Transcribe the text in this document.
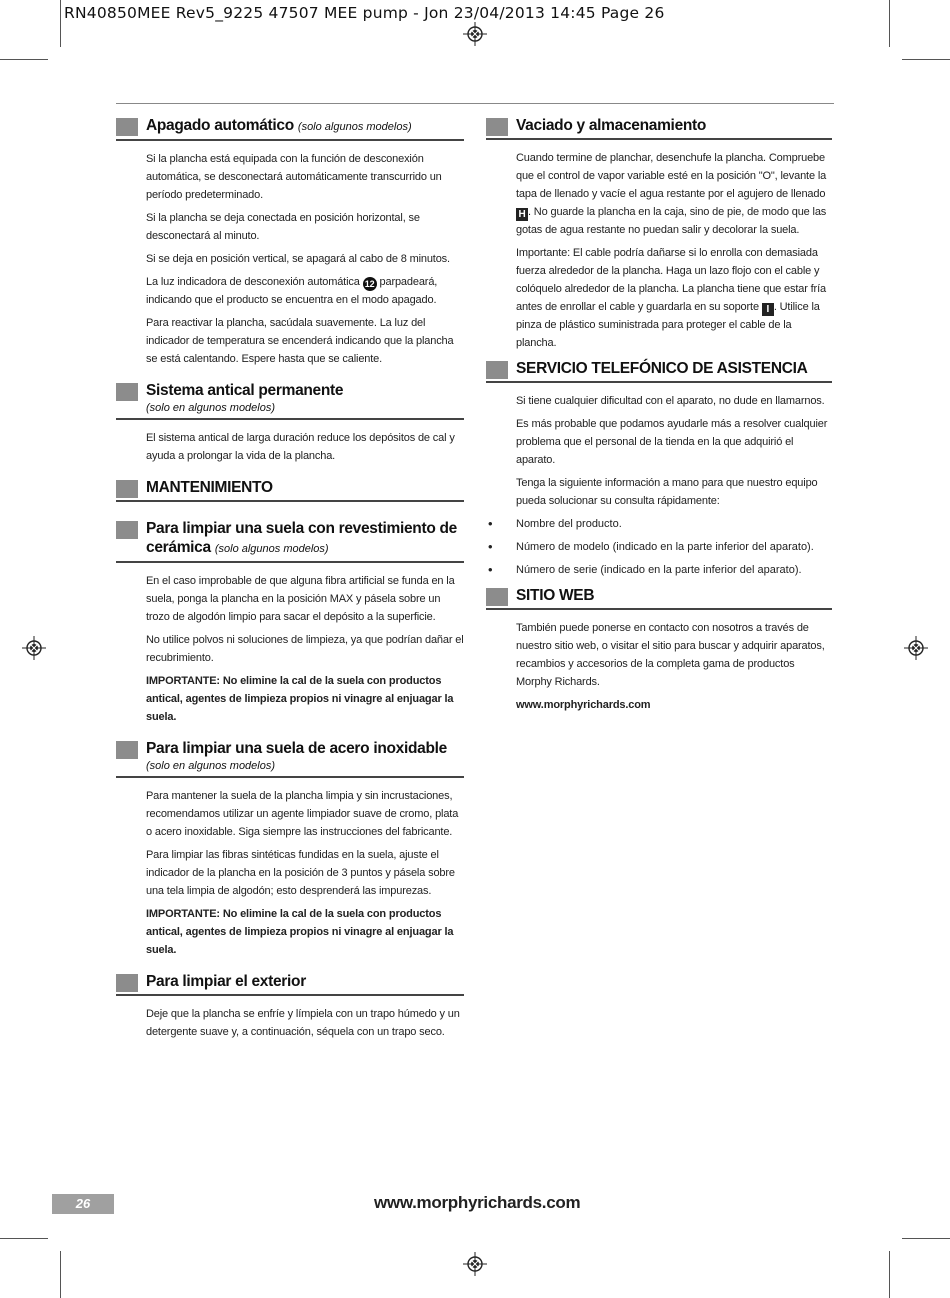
RN40850MEE Rev5_9225 47507 MEE pump - Jon 23/04/2013 14:45 Page 26
Apagado automático (solo algunos modelos)

Si la plancha está equipada con la función de desconexión automática, se desconectará automáticamente transcurrido un período predeterminado.

Si la plancha se deja conectada en posición horizontal, se desconectará al minuto.

Si se deja en posición vertical, se apagará al cabo de 8 minutos.

La luz indicadora de desconexión automática 12 parpadeará, indicando que el producto se encuentra en el modo apagado.

Para reactivar la plancha, sacúdala suavemente. La luz del indicador de temperatura se encenderá indicando que la plancha se está calentando. Espere hasta que se caliente.

Sistema antical permanente
(solo en algunos modelos)

El sistema antical de larga duración reduce los depósitos de cal y ayuda a prolongar la vida de la plancha.

MANTENIMIENTO
Para limpiar una suela con revestimiento de
cerámica (solo algunos modelos)

En el caso improbable de que alguna fibra artificial se funda en la suela, ponga la plancha en la posición MAX y pásela sobre un trozo de algodón limpio para sacar el depósito a la superficie.

No utilice polvos ni soluciones de limpieza, ya que podrían dañar el recubrimiento.

IMPORTANTE: No elimine la cal de la suela con productos antical, agentes de limpieza propios ni vinagre al enjuagar la suela.

Para limpiar una suela de acero inoxidable
(solo en algunos modelos)

Para mantener la suela de la plancha limpia y sin incrustaciones, recomendamos utilizar un agente limpiador suave de cromo, plata o acero inoxidable. Siga siempre las instrucciones del fabricante.

Para limpiar las fibras sintéticas fundidas en la suela, ajuste el indicador de la plancha en la posición de 3 puntos y pásela sobre una tela limpia de algodón; esto desprenderá las impurezas.

IMPORTANTE: No elimine la cal de la suela con productos antical, agentes de limpieza propios ni vinagre al enjuagar la suela.

Para limpiar el exterior

Deje que la plancha se enfríe y límpiela con un trapo húmedo y un detergente suave y, a continuación, séquela con un trapo seco.

Vaciado y almacenamiento

Cuando termine de planchar, desenchufe la plancha. Compruebe que el control de vapor variable esté en la posición "O", levante la tapa de llenado y vacíe el agua restante por el agujero de llenado H . No guarde la plancha en la caja, sino de pie, de modo que las gotas de agua restante no puedan salir y decolorar la suela.

Importante: El cable podría dañarse si lo enrolla con demasiada fuerza alrededor de la plancha. Haga un lazo flojo con el cable y colóquelo alrededor de la plancha. La plancha tiene que estar fría antes de enrollar el cable y guardarla en su soporte I . Utilice la pinza de plástico suministrada para proteger el cable de la plancha.

SERVICIO TELEFÓNICO DE ASISTENCIA

Si tiene cualquier dificultad con el aparato, no dude en llamarnos.

Es más probable que podamos ayudarle más a resolver cualquier problema que el personal de la tienda en la que adquirió el aparato.

Tenga la siguiente información a mano para que nuestro equipo pueda solucionar su consulta rápidamente:

• Nombre del producto.
• Número de modelo (indicado en la parte inferior del aparato).
• Número de serie (indicado en la parte inferior del aparato).
SITIO WEB

También puede ponerse en contacto con nosotros a través de nuestro sitio web, o visitar el sitio para buscar y adquirir aparatos, recambios y accesorios de la completa gama de productos Morphy Richards.

www.morphyrichards.com

26	www.morphyrichards.com
